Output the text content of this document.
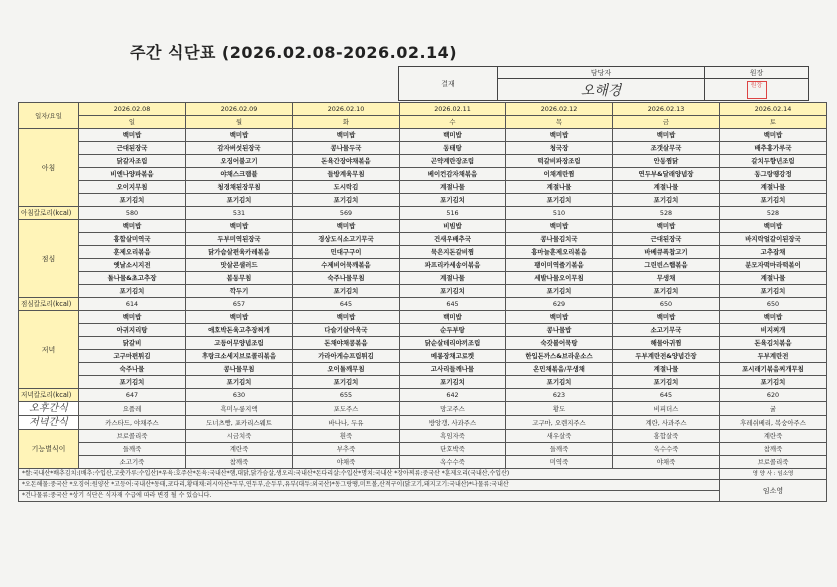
주간 식단표 (2026.02.08-2026.02.14)
결재	담당자	원장
	오해경	원장
일자/요일	2026.02.08	2026.02.09	2026.02.10	2026.02.11	2026.02.12	2026.02.13	2026.02.14
	일	월	화	수	목	금	토
아침	백미밥	백미밥	백미밥	백미밥	백미밥	백미밥	백미밥
	근대된장국	감자버섯된장국	콩나물두국	동태탕	청국장	조갯살무국	배추홍가루국
	닭갈자조림	오징어불고기	돈육간장야채볶음	곤약계란장조림	떡갈비파장조림	안동찜닭	갈치두향년조림
	비엔나양파볶음	야채스크램블	들방계육무침	베이컨감자채볶음	이채계란찜	연두부&달래양념장	동그랑땡강정
	오이지무침	청경채된장무침	도시락김	계절나물	계절나물	계절나물	계절나물
	포기김치	포기김치	포기김치	포기김치	포기김치	포기김치	포기김치
아침칼로리(kcal)	580	531	569	516	510	528	528
점심	백미밥	백미밥	백미밥	비빔밥	백미밥	백미밥	백미밥
	홍합살미역국	두부미역된장국	경상도식소고기무국	건새우배추국	콩나물김치국	근대된장국	바지락얼갈이된장국
	훈제오리볶음	닭가슴살편육카레볶음	민대구구이	묵은지돈갈비찜	흥마늘훈제오리볶음	바베큐폭찹고기	고추잡채
	옛날소시지전	맛살콘샐러드	수제비어묵깨볶음	파프리카세송이볶음	팽이미역줄기볶음	그린빈스햄볶음	분모자떡마라떡볶이
	돌나물&초고추장	봄동무침	숙주나물무침	계절나물	세발나물오이무침	무생채	계절나물
	포기김치	깍두기	포기김치	포기김치	포기김치	포기김치	포기김치
점심칼로리(kcal)	614	657	645	645	629	650	650
저녁	백미밥	백미밥	백미밥	백미밥	백미밥	백미밥	백미밥
	아귀지리탕	애호박돈육고추장찌개	다슬기살아욱국	순두부탕	콩나물밥	소고기무국	비지찌개
	닭갈비	고등어무양념조림	돈채야채콩볶음	닭순살데리야끼조림	숙갓볼어묵탕	해물아귀찜	돈육김치볶음
	고구마편튀김	후랑크소세지브로콜리볶음	가라아게슈프림튀김	메롱장채고로켓	한입돈까스&브라운소스	두부계란전&양념간장	두부계란전
	숙주나물	콩나물무침	오이돌깨무침	고사리들깨나물	온민채볶음/무생채	계절나물	포시래기볶음찌개무침
	포기김치	포기김치	포기김치	포기김치	포기김치	포기김치	포기김치
저녁칼로리(kcal)	647	630	655	642	623	645	620
오후간식	요플레	흑미누룽지액	포도주스	망고주스	황도	비피더스	귤
저녁간식	카스타드, 야채주스	도너츠빵, 포카리스웨트	바나나, 두유	방앙갱, 사과주스	고구마, 오렌지주스	계란, 사과주스	후레쉬베리, 복숭아주스
기능별식이	브로콜리죽	시금치죽	흰죽	흑임자죽	새우살죽	홍합살죽	계란죽
	들깨죽	계란죽	부추죽	단호박죽	들깨죽	옥수수죽	참깨죽
	소고기죽	참깨죽	야채죽	옥수수죽	미역죽	야채죽	브로콜리죽
*쌀:국내산*배추김치:(배추:수입산,고춧가루:수입산)*우육:호주산*돈육:국내산*햄,대닭,닭가슴살,생오리:국내산*돈다리살:수입산*명치:국내산 *장아찌류:중국산 *훈제오리(국내산,수입산)							영 양 사 : 임소영
*오돈해물:중국산 *오징어:원양산 *고등어:국내산*동태,코다리,황태채:러시아산*두부,연두부,순두부,유부(대두:외국산)*동그랑땡,미트볼,산적구이(닭고기,돼지고기:국내산)*나물류:국내산							임소영
*건나물류:중국산 *상기 식단은 식자재 수급에 따라 변경 될 수 있습니다.							
